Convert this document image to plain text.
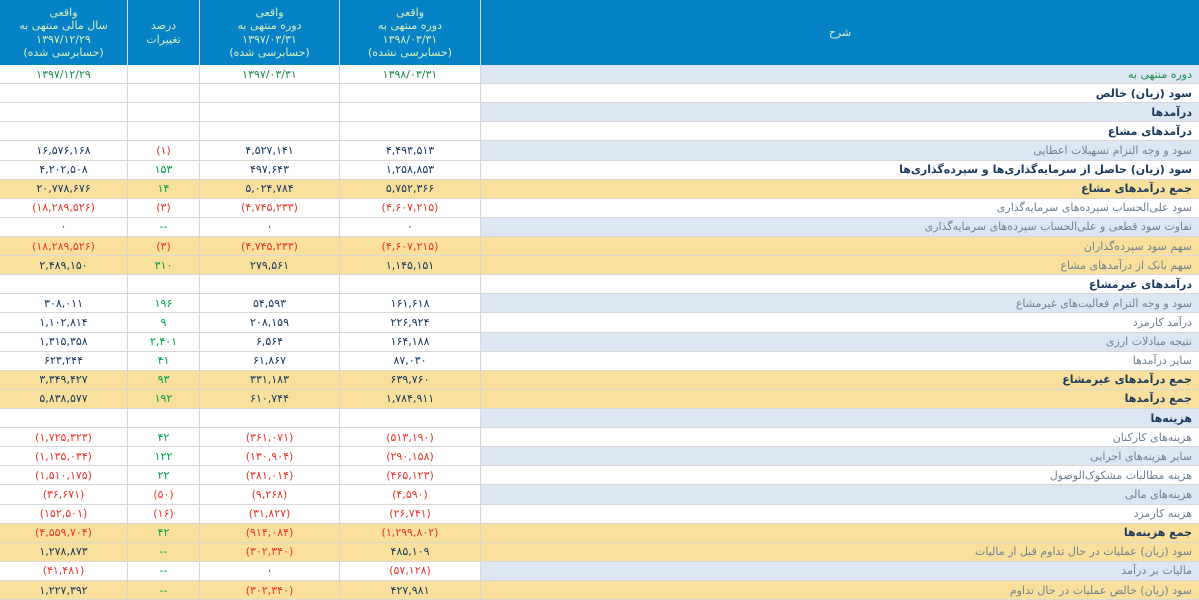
شرح
واقعی
دوره منتهی به
۱۳۹۸/۰۳/۳۱
(حسابرسی نشده)
واقعی
دوره منتهی به
۱۳۹۷/۰۳/۳۱
(حسابرسی شده)
درصد
تغییرات
واقعی
سال مالی منتهی به
۱۳۹۷/۱۲/۲۹
(حسابرسی شده)
دوره منتهی به
۱۳۹۸/۰۳/۳۱
۱۳۹۷/۰۳/۳۱
۱۳۹۷/۱۲/۲۹
سود (زیان) خالص
درآمدها
درآمدهای مشاع
سود و وجه التزام تسهیلات اعطایی
۴,۴۹۳,۵۱۳
۴,۵۲۷,۱۴۱
(۱)
۱۶,۵۷۶,۱۶۸
سود (زیان) حاصل از سرمایه‌گذاری‌ها و سپرده‌گذاری‌ها
۱,۲۵۸,۸۵۳
۴۹۷,۶۴۳
۱۵۳
۴,۲۰۲,۵۰۸
جمع درآمدهای مشاع
۵,۷۵۲,۳۶۶
۵,۰۲۴,۷۸۴
۱۴
۲۰,۷۷۸,۶۷۶
سود علی‌الحساب سپرده‌های سرمایه‌گذاری
(۴,۶۰۷,۲۱۵)
(۴,۷۴۵,۲۳۳)
(۳)
(۱۸,۲۸۹,۵۲۶)
تفاوت سود قطعی و علی‌الحساب سپرده‌های سرمایه‌گذاری
۰
۰
--
۰
سهم سود سپرده‌گذاران
(۴,۶۰۷,۲۱۵)
(۴,۷۴۵,۲۳۳)
(۳)
(۱۸,۲۸۹,۵۲۶)
سهم بانک از درآمدهای مشاع
۱,۱۴۵,۱۵۱
۲۷۹,۵۶۱
۳۱۰
۲,۴۸۹,۱۵۰
درآمدهای غیرمشاع
سود و وجه التزام فعالیت‌های غیرمشاع
۱۶۱,۶۱۸
۵۴,۵۹۳
۱۹۶
۳۰۸,۰۱۱
درآمد کارمزد
۲۲۶,۹۲۴
۲۰۸,۱۵۹
۹
۱,۱۰۲,۸۱۴
نتیجه مبادلات ارزی
۱۶۴,۱۸۸
۶,۵۶۴
۲,۴۰۱
۱,۳۱۵,۳۵۸
سایر درآمدها
۸۷,۰۳۰
۶۱,۸۶۷
۴۱
۶۲۳,۲۴۴
جمع درآمدهای غیرمشاع
۶۳۹,۷۶۰
۳۳۱,۱۸۳
۹۳
۳,۳۴۹,۴۲۷
جمع درآمدها
۱,۷۸۴,۹۱۱
۶۱۰,۷۴۴
۱۹۲
۵,۸۳۸,۵۷۷
هزینه‌ها
هزینه‌های کارکنان
(۵۱۳,۱۹۰)
(۳۶۱,۰۷۱)
۴۲
(۱,۷۲۵,۳۲۳)
سایر هزینه‌های اجرایی
(۲۹۰,۱۵۸)
(۱۳۰,۹۰۴)
۱۲۲
(۱,۱۳۵,۰۳۴)
هزینه مطالبات مشکوک‌الوصول
(۴۶۵,۱۲۳)
(۳۸۱,۰۱۴)
۲۲
(۱,۵۱۰,۱۷۵)
هزینه‌های مالی
(۴,۵۹۰)
(۹,۲۶۸)
(۵۰)
(۳۶,۶۷۱)
هزینه کارمزد
(۲۶,۷۴۱)
(۳۱,۸۲۷)
(۱۶)
(۱۵۲,۵۰۱)
جمع هزینه‌ها
(۱,۲۹۹,۸۰۲)
(۹۱۴,۰۸۴)
۴۲
(۴,۵۵۹,۷۰۴)
سود (زیان) عملیات در حال تداوم قبل از مالیات
۴۸۵,۱۰۹
(۳۰۲,۳۴۰)
--
۱,۲۷۸,۸۷۳
مالیات بر درآمد
(۵۷,۱۲۸)
۰
--
(۴۱,۴۸۱)
سود (زیان) خالص عملیات در حال تداوم
۴۲۷,۹۸۱
(۳۰۲,۳۴۰)
--
۱,۲۲۷,۳۹۲
